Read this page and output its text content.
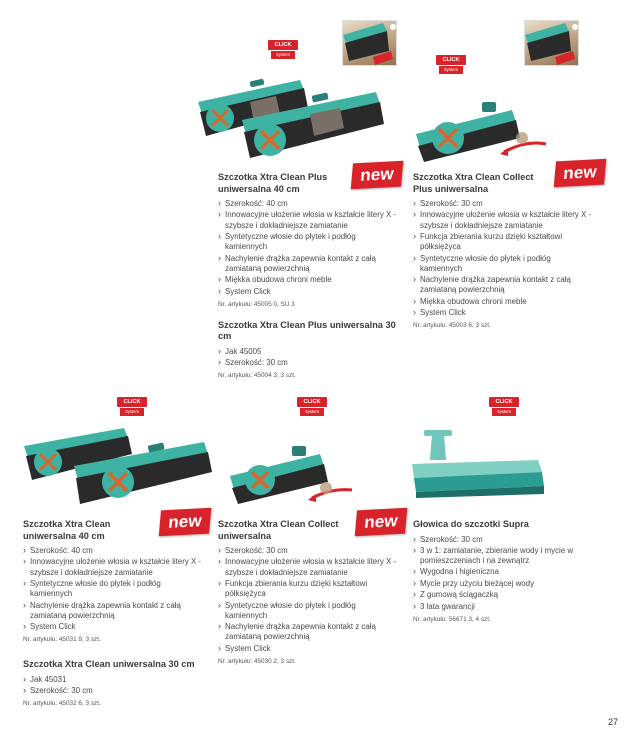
CLICK
System
CLICK
System
CLICK
System
CLICK
System
CLICK
System
new	new
new	new
Szczotka Xtra Clean Plus uniwersalna 40 cm
› Szerokość: 40 cm
› Innowacyjne ułożenie włosia w kształcie litery X - szybsze i dokładniejsze zamiatanie
› Syntetyczne włosie do płytek i podłóg kamiennych
› Nachylenie drążka zapewnia kontakt z całą zamiataną powierzchnią
› Miękka obudowa chroni meble
› System Click
Nr. artykułu: 45005 0, SU 3
Szczotka Xtra Clean Plus uniwersalna 30 cm
› Jak 45005
› Szerokość: 30 cm
Nr. artykułu: 45004 3, 3 szt.
Szczotka Xtra Clean Collect Plus uniwersalna
› Szerokość: 30 cm
› Innowacyjne ułożenie włosia w kształcie litery X - szybsze i dokładniejsze zamiatanie
› Funkcja zbierania kurzu dzięki kształtowi półksiężyca
› Syntetyczne włosie do płytek i podłóg kamiennych
› Nachylenie drążka zapewnia kontakt z całą zamiataną powierzchnią
› Miękka obudowa chroni meble
› System Click
Nr. artykułu: 45003 6, 3 szt.
Szczotka Xtra Clean uniwersalna 40 cm
› Szerokość: 40 cm
› Innowacyjne ułożenie włosia w kształcie litery X - szybsze i dokładniejsze zamiatanie
› Syntetyczne włosie do płytek i podłóg kamiennych
› Nachylenie drążka zapewnia kontakt z całą zamiataną powierzchnią
› System Click
Nr. artykułu: 45031 9, 3 szt.
Szczotka Xtra Clean uniwersalna 30 cm
› Jak 45031
› Szerokość: 30 cm
Nr. artykułu: 45032 6, 3 szt.
Szczotka Xtra Clean Collect uniwersalna
› Szerokość: 30 cm
› Innowacyjne ułożenie włosia w kształcie litery X - szybsze i dokładniejsze zamiatanie
› Funkcja zbierania kurzu dzięki kształtowi półksiężyca
› Syntetyczne włosie do płytek i podłóg kamiennych
› Nachylenie drążka zapewnia kontakt z całą zamiataną powierzchnią
› System Click
Nr. artykułu: 45030 2, 3 szt.
Głowica do szczotki Supra
› Szerokość: 30 cm
› 3 w 1: zamiatanie, zbieranie wody i mycie w pomieszczeniach i na zewnątrz
› Wygodna i higieniczna
› Mycie przy użyciu bieżącej wody
› Z gumową ściągaczką
› 3 lata gwarancji
Nr. artykułu: 56671 3, 4 szt.
27
